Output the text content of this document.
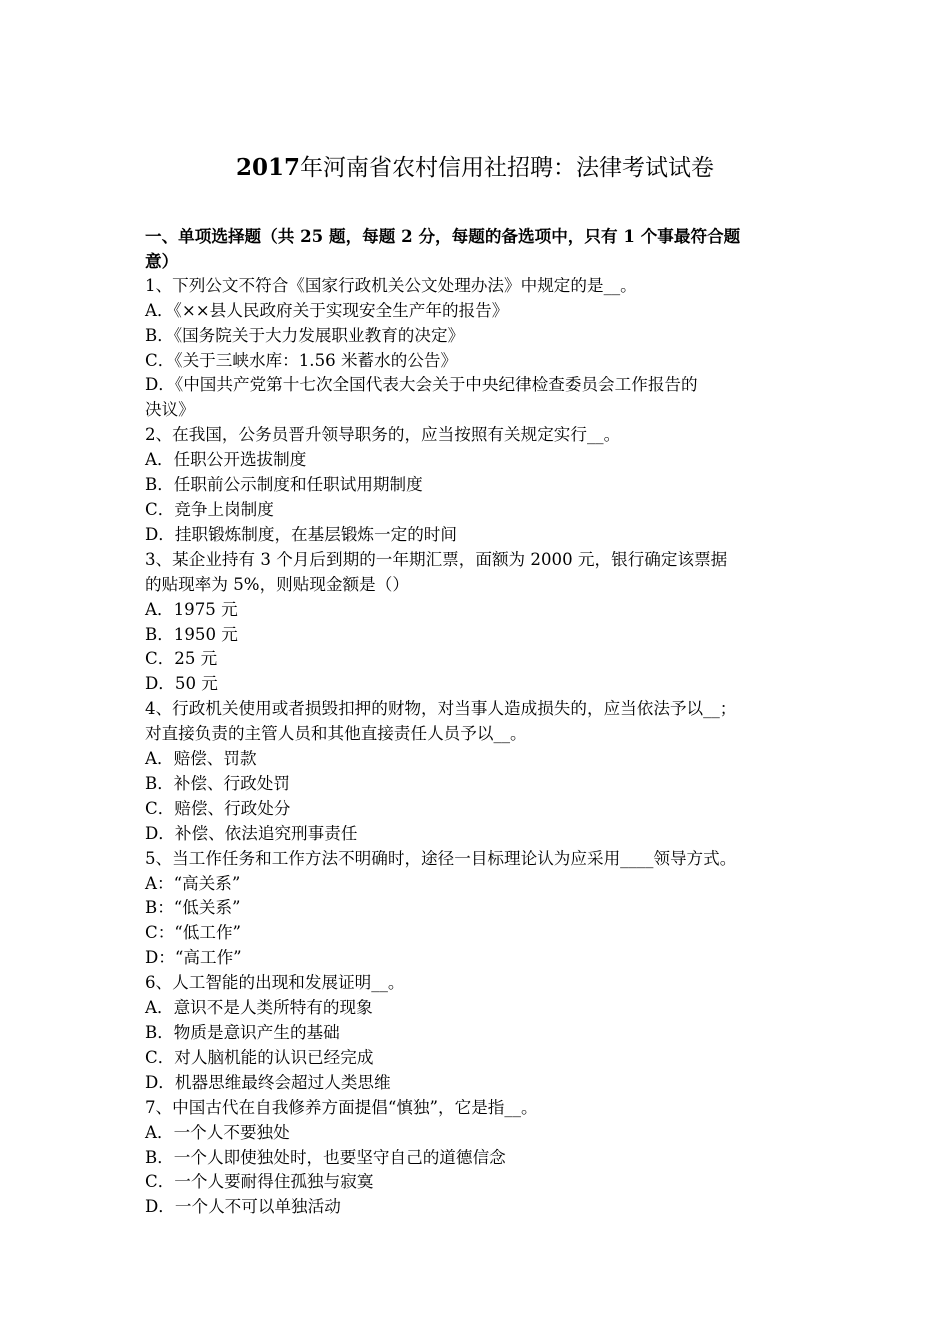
2017年河南省农村信用社招聘：法律考试试卷
一、单项选择题（共 25 题，每题 2 分，每题的备选项中，只有 1 个事最符合题
意）
1、下列公文不符合《国家行政机关公文处理办法》中规定的是__。
A．《××县人民政府关于实现安全生产年的报告》
B．《国务院关于大力发展职业教育的决定》
C．《关于三峡水库：1.56 米蓄水的公告》
D．《中国共产党第十七次全国代表大会关于中央纪律检查委员会工作报告的
决议》
2、在我国，公务员晋升领导职务的，应当按照有关规定实行__。
A．任职公开选拔制度
B．任职前公示制度和任职试用期制度
C．竞争上岗制度
D．挂职锻炼制度，在基层锻炼一定的时间
3、某企业持有 3 个月后到期的一年期汇票，面额为 2000 元，银行确定该票据
的贴现率为 5%，则贴现金额是（）
A．1975 元
B．1950 元
C．25 元
D．50 元
4、行政机关使用或者损毁扣押的财物，对当事人造成损失的，应当依法予以__；
对直接负责的主管人员和其他直接责任人员予以__。
A．赔偿、罚款
B．补偿、行政处罚
C．赔偿、行政处分
D．补偿、依法追究刑事责任
5、当工作任务和工作方法不明确时，途径一目标理论认为应采用____领导方式。
A：“高关系”
B：“低关系”
C：“低工作”
D：“高工作”
6、人工智能的出现和发展证明__。
A．意识不是人类所特有的现象
B．物质是意识产生的基础
C．对人脑机能的认识已经完成
D．机器思维最终会超过人类思维
7、中国古代在自我修养方面提倡“慎独”，它是指__。
A．一个人不要独处
B．一个人即使独处时，也要坚守自己的道德信念
C．一个人要耐得住孤独与寂寞
D．一个人不可以单独活动
